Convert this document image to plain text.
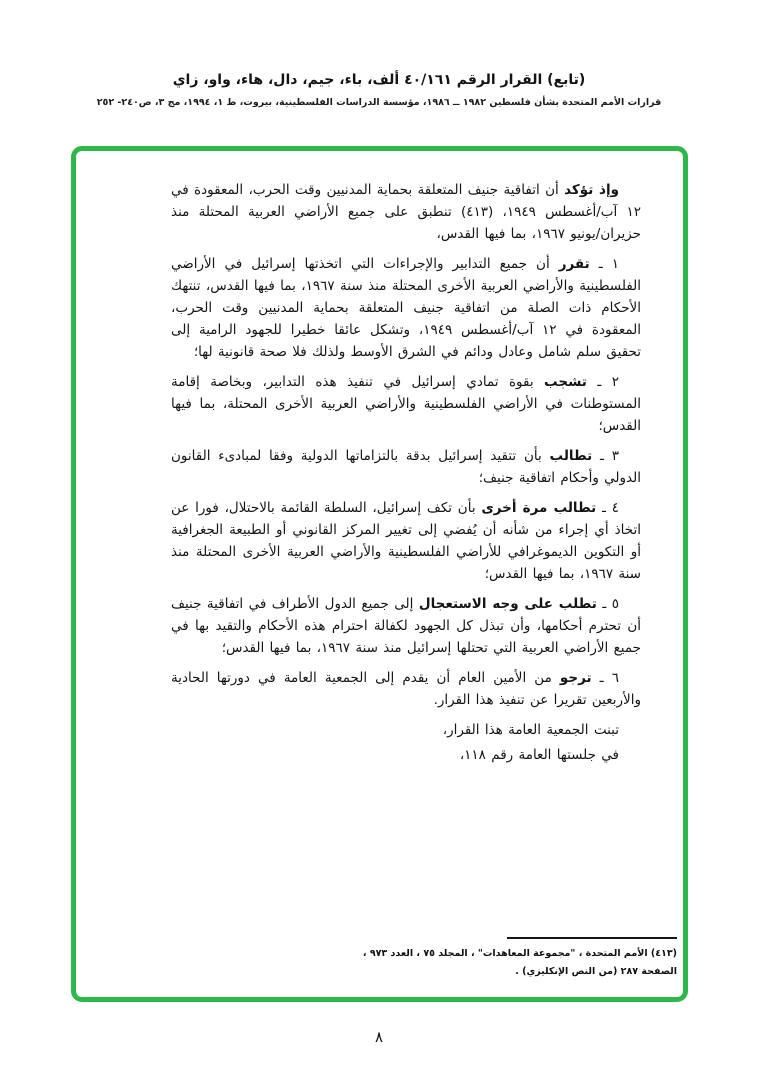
(تابع) القرار الرقم ٤٠/١٦١ ألف، باء، جيم، دال، هاء، واو، زاي
قرارات الأمم المتحدة بشأن فلسطين ١٩٨٢ ــ ١٩٨٦، مؤسسة الدراسات الفلسطينية، بيروت، ط ١، ١٩٩٤، مج ٣، ص٢٤٠- ٢٥٢

وإذ تؤكد أن اتفاقية جنيف المتعلقة بحماية المدنيين وقت الحرب، المعقودة في ١٢ آب/أغسطس ١٩٤٩، (٤١٣) تنطبق على جميع الأراضي العربية المحتلة منذ حزيران/يونيو ١٩٦٧، بما فيها القدس،

١ ـ تقرر أن جميع التدابير والإجراءات التي اتخذتها إسرائيل في الأراضي الفلسطينية والأراضي العربية الأخرى المحتلة منذ سنة ١٩٦٧، بما فيها القدس، تنتهك الأحكام ذات الصلة من اتفاقية جنيف المتعلقة بحماية المدنيين وقت الحرب، المعقودة في ١٢ آب/أغسطس ١٩٤٩، وتشكل عائقا خطيرا للجهود الرامية إلى تحقيق سلم شامل وعادل ودائم في الشرق الأوسط ولذلك فلا صحة قانونية لها؛

٢ ـ تشجب بقوة تمادي إسرائيل في تنفيذ هذه التدابير، وبخاصة إقامة المستوطنات في الأراضي الفلسطينية والأراضي العربية الأخرى المحتلة، بما فيها القدس؛

٣ ـ تطالب بأن تتقيد إسرائيل بدقة بالتزاماتها الدولية وفقا لمبادىء القانون الدولي وأحكام اتفاقية جنيف؛

٤ ـ تطالب مرة أخرى بأن تكف إسرائيل، السلطة القائمة بالاحتلال، فورا عن اتخاذ أي إجراء من شأنه أن يُفضي إلى تغيير المركز القانوني أو الطبيعة الجغرافية أو التكوين الديموغرافي للأراضي الفلسطينية والأراضي العربية الأخرى المحتلة منذ سنة ١٩٦٧، بما فيها القدس؛

٥ ـ تطلب على وجه الاستعجال إلى جميع الدول الأطراف في اتفاقية جنيف أن تحترم أحكامها، وأن تبذل كل الجهود لكفالة احترام هذه الأحكام والتقيد بها في جميع الأراضي العربية التي تحتلها إسرائيل منذ سنة ١٩٦٧، بما فيها القدس؛

٦ ـ ترجو من الأمين العام أن يقدم إلى الجمعية العامة في دورتها الحادية والأربعين تقريرا عن تنفيذ هذا القرار.

تبنت الجمعية العامة هذا القرار،

في جلستها العامة رقم ١١٨،

(٤١٣) الأمم المتحدة ، "مجموعة المعاهدات" ، المجلد ٧٥ ، العدد ٩٧٣ ،
الصفحة ٢٨٧ (من النص الإنكليزي) .
٨
